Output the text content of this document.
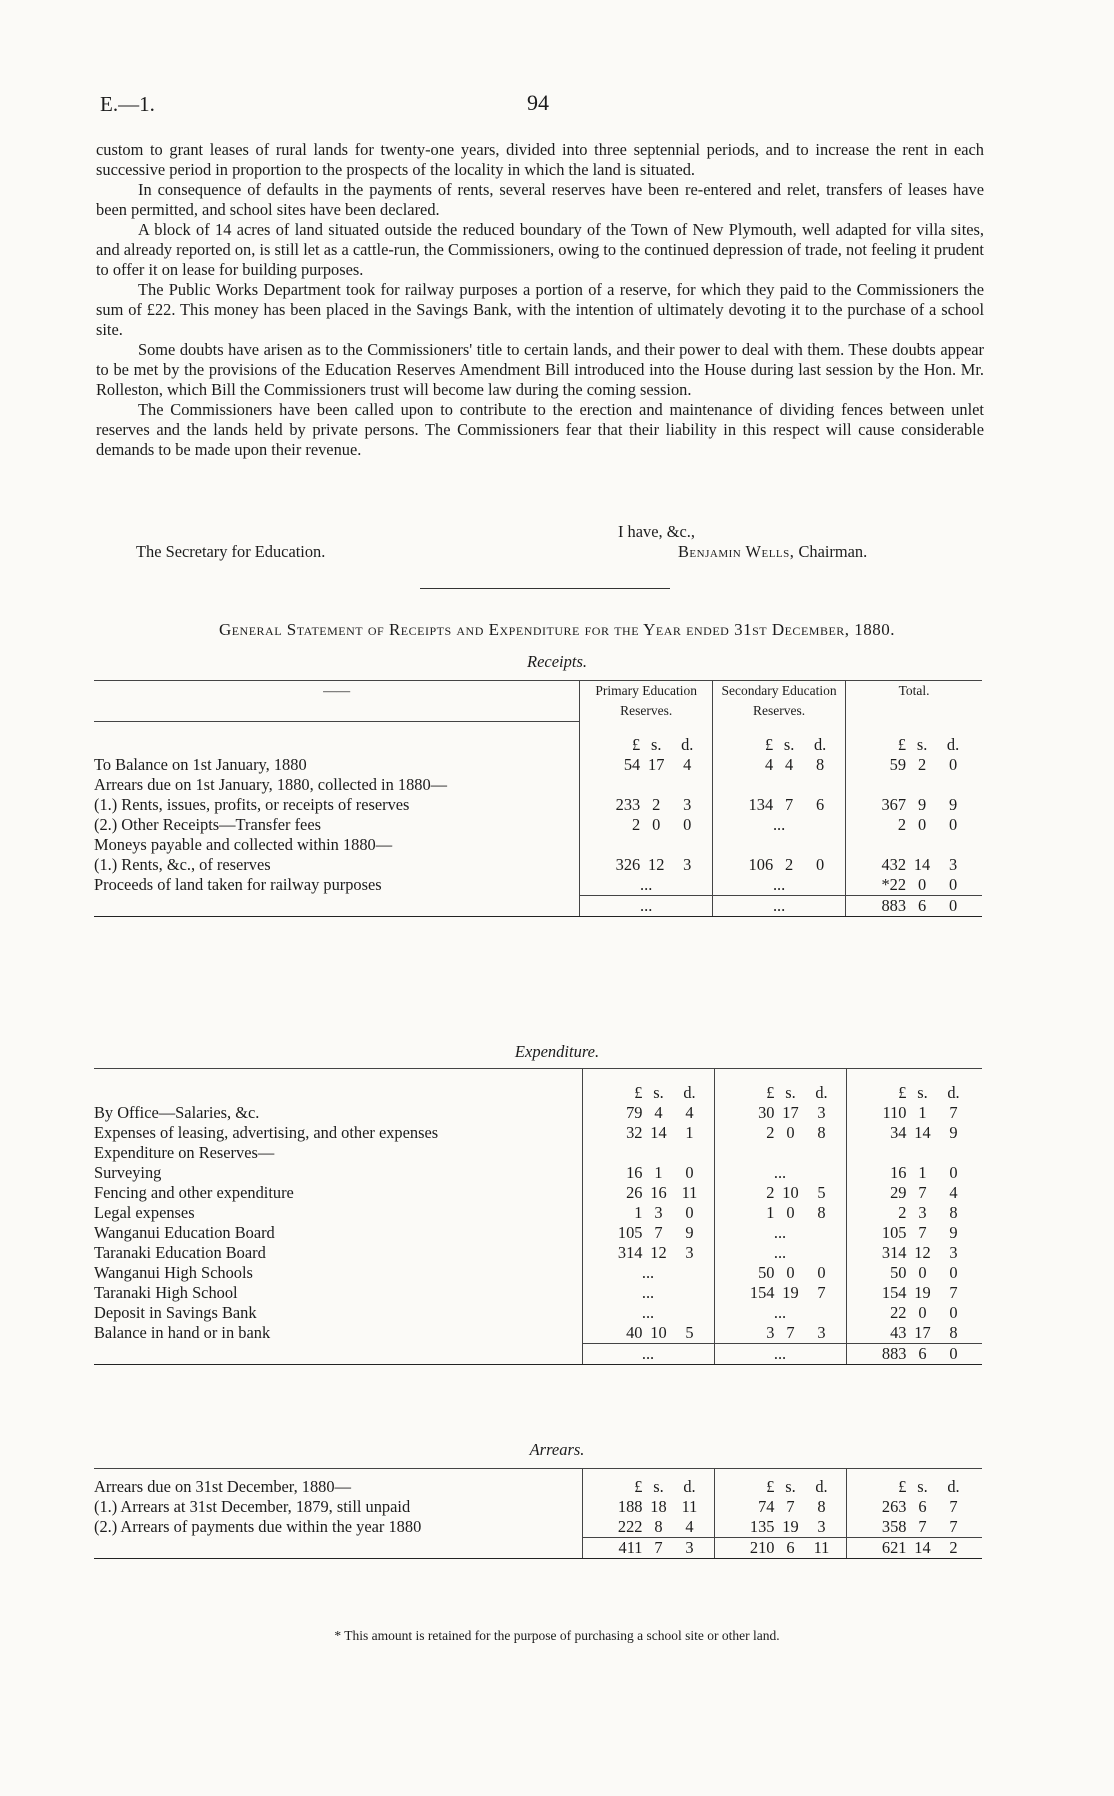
E.—1.	94

custom to grant leases of rural lands for twenty-one years, divided into three septennial periods, and to increase the rent in each successive period in proportion to the prospects of the locality in which the land is situated.

In consequence of defaults in the payments of rents, several reserves have been re-entered and relet, transfers of leases have been permitted, and school sites have been declared.

A block of 14 acres of land situated outside the reduced boundary of the Town of New Plymouth, well adapted for villa sites, and already reported on, is still let as a cattle-run, the Commissioners, owing to the continued depression of trade, not feeling it prudent to offer it on lease for building purposes.

The Public Works Department took for railway purposes a portion of a reserve, for which they paid to the Commissioners the sum of £22. This money has been placed in the Savings Bank, with the intention of ultimately devoting it to the purchase of a school site.

Some doubts have arisen as to the Commissioners' title to certain lands, and their power to deal with them. These doubts appear to be met by the provisions of the Education Reserves Amendment Bill introduced into the House during last session by the Hon. Mr. Rolleston, which Bill the Commissioners trust will become law during the coming session.

The Commissioners have been called upon to contribute to the erection and maintenance of dividing fences between unlet reserves and the lands held by private persons. The Commissioners fear that their liability in this respect will cause considerable demands to be made upon their revenue.

I have, &c.,
The Secretary for Education.	Benjamin Wells, Chairman.
General Statement of Receipts and Expenditure for the Year ended 31st December, 1880.
Receipts.
——	Primary Education Reserves.	Secondary Education Reserves.	Total.

	£ s. d.	£ s. d.	£ s. d.

To Balance on 1st January, 1880	54 17 4	4 4 8	59 2 0

Arrears due on 1st January, 1880, collected in 1880—			
(1.) Rents, issues, profits, or receipts of reserves	233 2 3	134 7 6	367 9 9

(2.) Other Receipts—Transfer fees	2 0 0	...	2 0 0

Moneys payable and collected within 1880—			
(1.) Rents, &c., of reserves	326 12 3	106 2 0	432 14 3

Proceeds of land taken for railway purposes	...	...	*22 0 0

	...	...	883 6 0
Expenditure.

	£ s. d.	£ s. d.	£ s. d.

By Office—Salaries, &c.	79 4 4	30 17 3	110 1 7

Expenses of leasing, advertising, and other expenses	32 14 1	2 0 8	34 14 9

Expenditure on Reserves—			
Surveying	16 1 0	...	16 1 0

Fencing and other expenditure	26 16 11	2 10 5	29 7 4

Legal expenses	1 3 0	1 0 8	2 3 8

Wanganui Education Board	105 7 9	...	105 7 9

Taranaki Education Board	314 12 3	...	314 12 3

Wanganui High Schools	...	50 0 0	50 0 0

Taranaki High School	...	154 19 7	154 19 7

Deposit in Savings Bank	...	...	22 0 0

Balance in hand or in bank	40 10 5	3 7 3	43 17 8

	...	...	883 6 0
Arrears.
Arrears due on 31st December, 1880—	£ s. d.	£ s. d.	£ s. d.

(1.) Arrears at 31st December, 1879, still unpaid	188 18 11	74 7 8	263 6 7

(2.) Arrears of payments due within the year 1880	222 8 4	135 19 3	358 7 7

	411 7 3	210 6 11	621 14 2
* This amount is retained for the purpose of purchasing a school site or other land.
